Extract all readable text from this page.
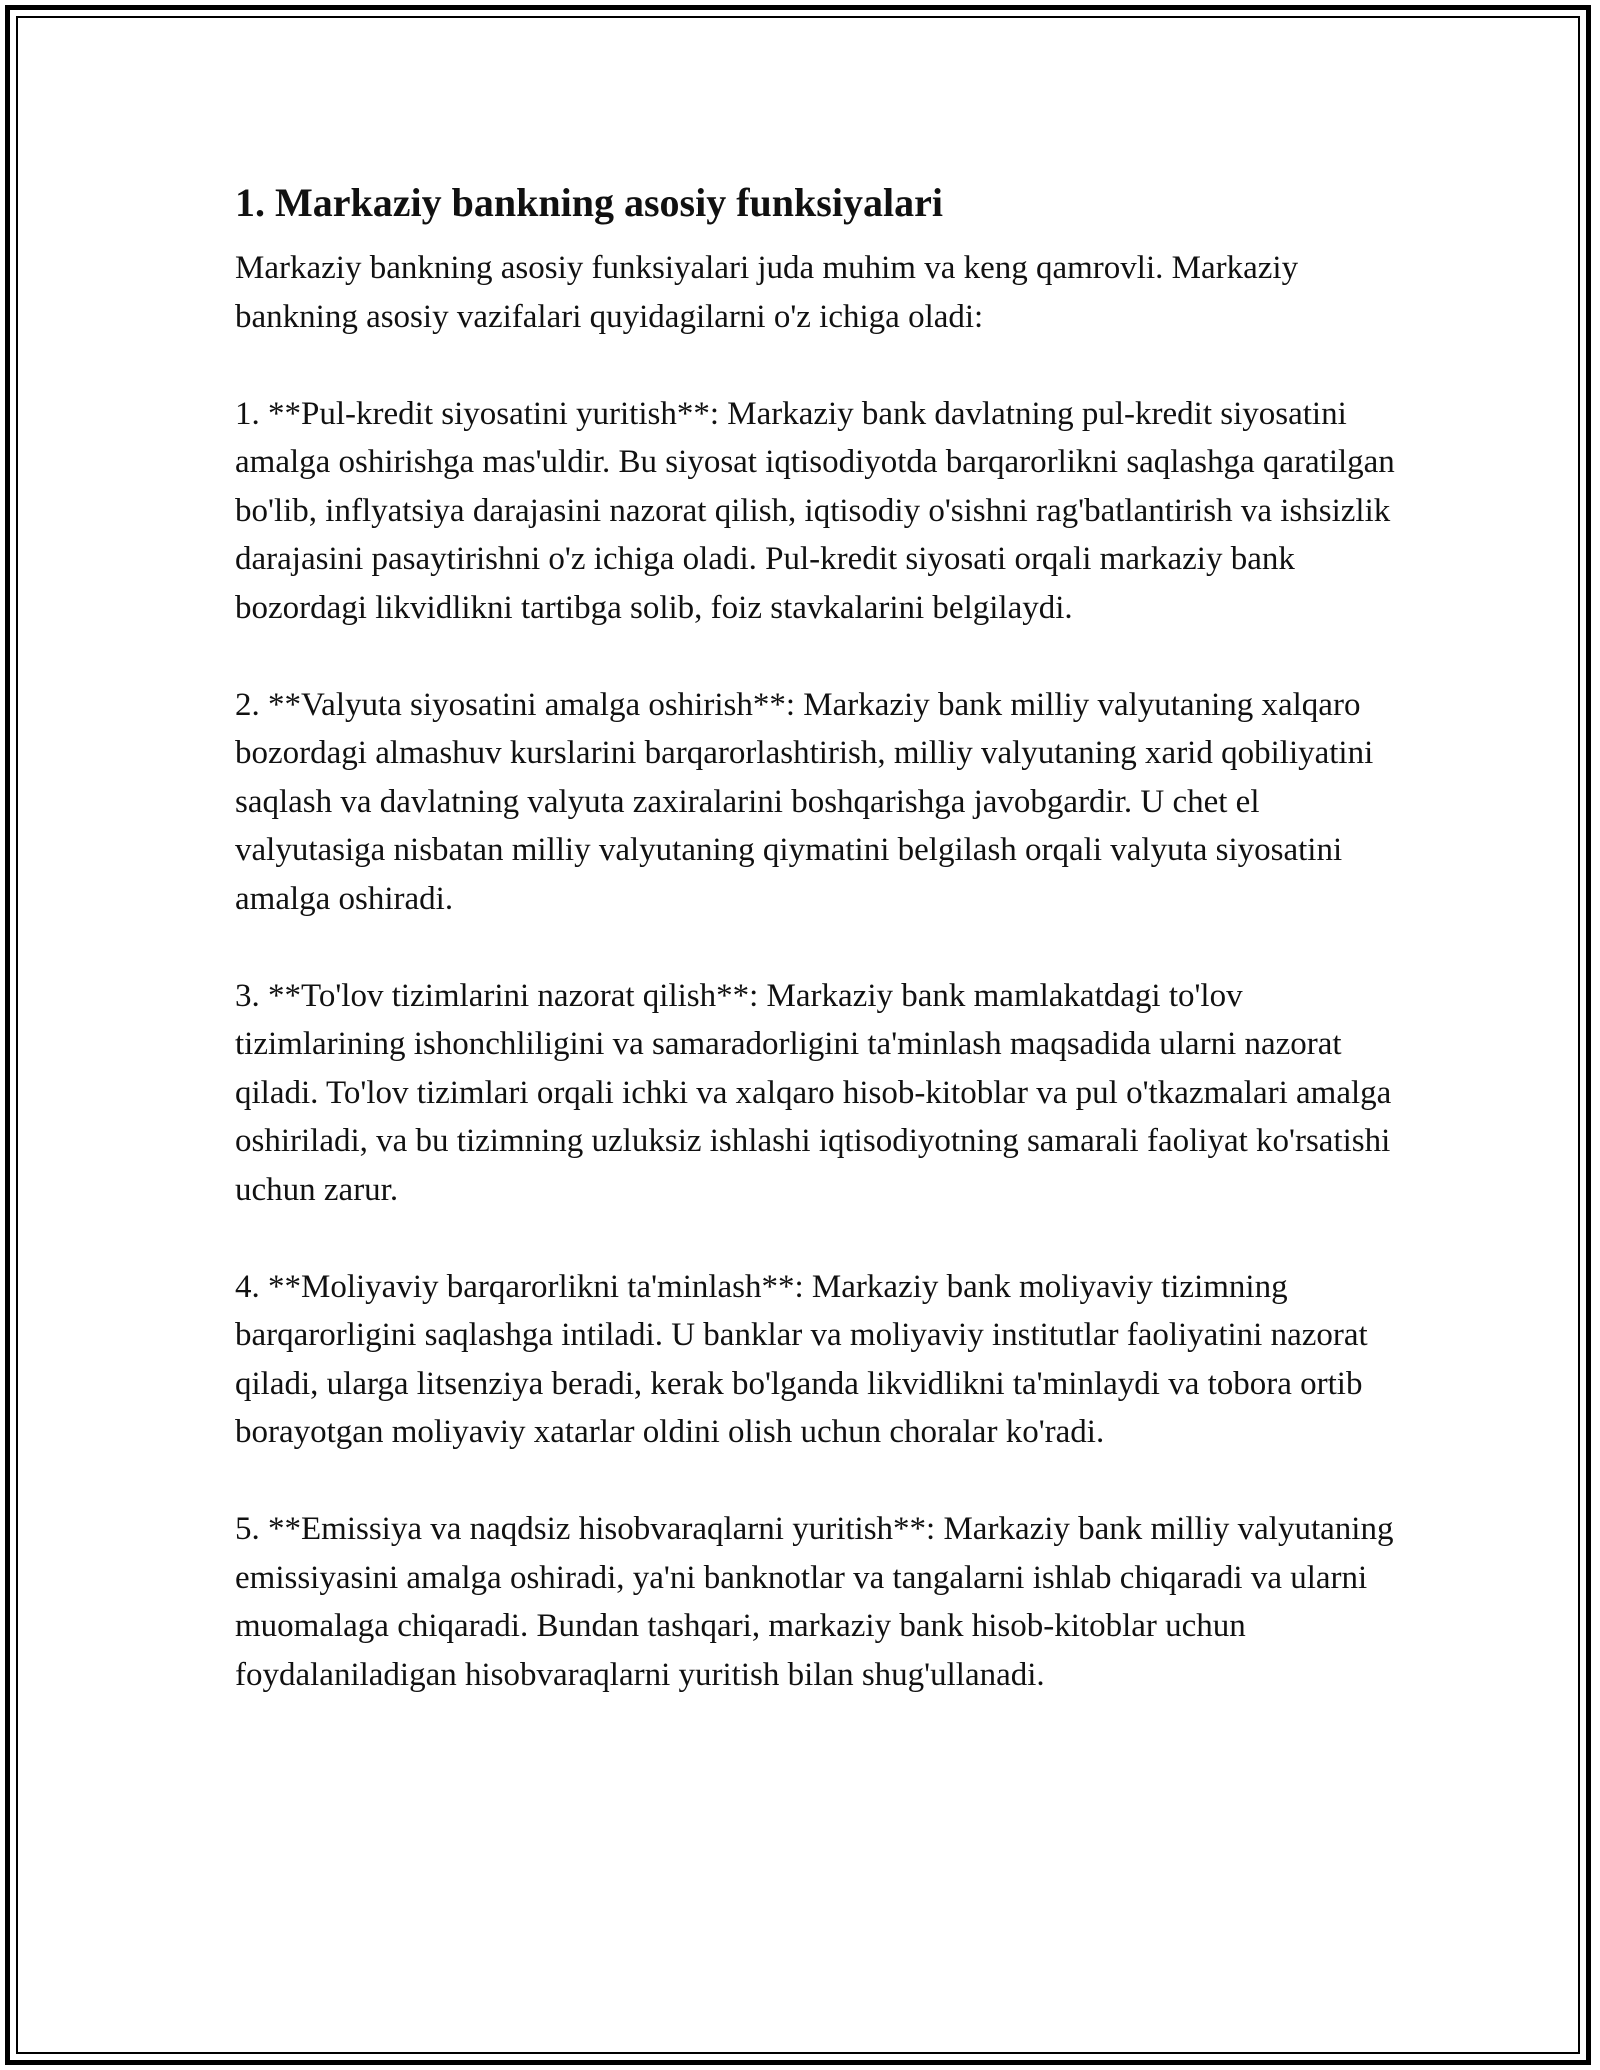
1. Markaziy bankning asosiy funksiyalari

Markaziy bankning asosiy funksiyalari juda muhim va keng qamrovli. Markaziy bankning asosiy vazifalari quyidagilarni o'z ichiga oladi:

1. **Pul-kredit siyosatini yuritish**: Markaziy bank davlatning pul-kredit siyosatini amalga oshirishga mas'uldir. Bu siyosat iqtisodiyotda barqarorlikni saqlashga qaratilgan bo'lib, inflyatsiya darajasini nazorat qilish, iqtisodiy o'sishni rag'batlantirish va ishsizlik darajasini pasaytirishni o'z ichiga oladi. Pul-kredit siyosati orqali markaziy bank bozordagi likvidlikni tartibga solib, foiz stavkalarini belgilaydi.

2. **Valyuta siyosatini amalga oshirish**: Markaziy bank milliy valyutaning xalqaro bozordagi almashuv kurslarini barqarorlashtirish, milliy valyutaning xarid qobiliyatini saqlash va davlatning valyuta zaxiralarini boshqarishga javobgardir. U chet el valyutasiga nisbatan milliy valyutaning qiymatini belgilash orqali valyuta siyosatini amalga oshiradi.

3. **To'lov tizimlarini nazorat qilish**: Markaziy bank mamlakatdagi to'lov tizimlarining ishonchliligini va samaradorligini ta'minlash maqsadida ularni nazorat qiladi. To'lov tizimlari orqali ichki va xalqaro hisob-kitoblar va pul o'tkazmalari amalga oshiriladi, va bu tizimning uzluksiz ishlashi iqtisodiyotning samarali faoliyat ko'rsatishi uchun zarur.

4. **Moliyaviy barqarorlikni ta'minlash**: Markaziy bank moliyaviy tizimning barqarorligini saqlashga intiladi. U banklar va moliyaviy institutlar faoliyatini nazorat qiladi, ularga litsenziya beradi, kerak bo'lganda likvidlikni ta'minlaydi va tobora ortib borayotgan moliyaviy xatarlar oldini olish uchun choralar ko'radi.

5. **Emissiya va naqdsiz hisobvaraqlarni yuritish**: Markaziy bank milliy valyutaning emissiyasini amalga oshiradi, ya'ni banknotlar va tangalarni ishlab chiqaradi va ularni muomalaga chiqaradi. Bundan tashqari, markaziy bank hisob-kitoblar uchun foydalaniladigan hisobvaraqlarni yuritish bilan shug'ullanadi.
